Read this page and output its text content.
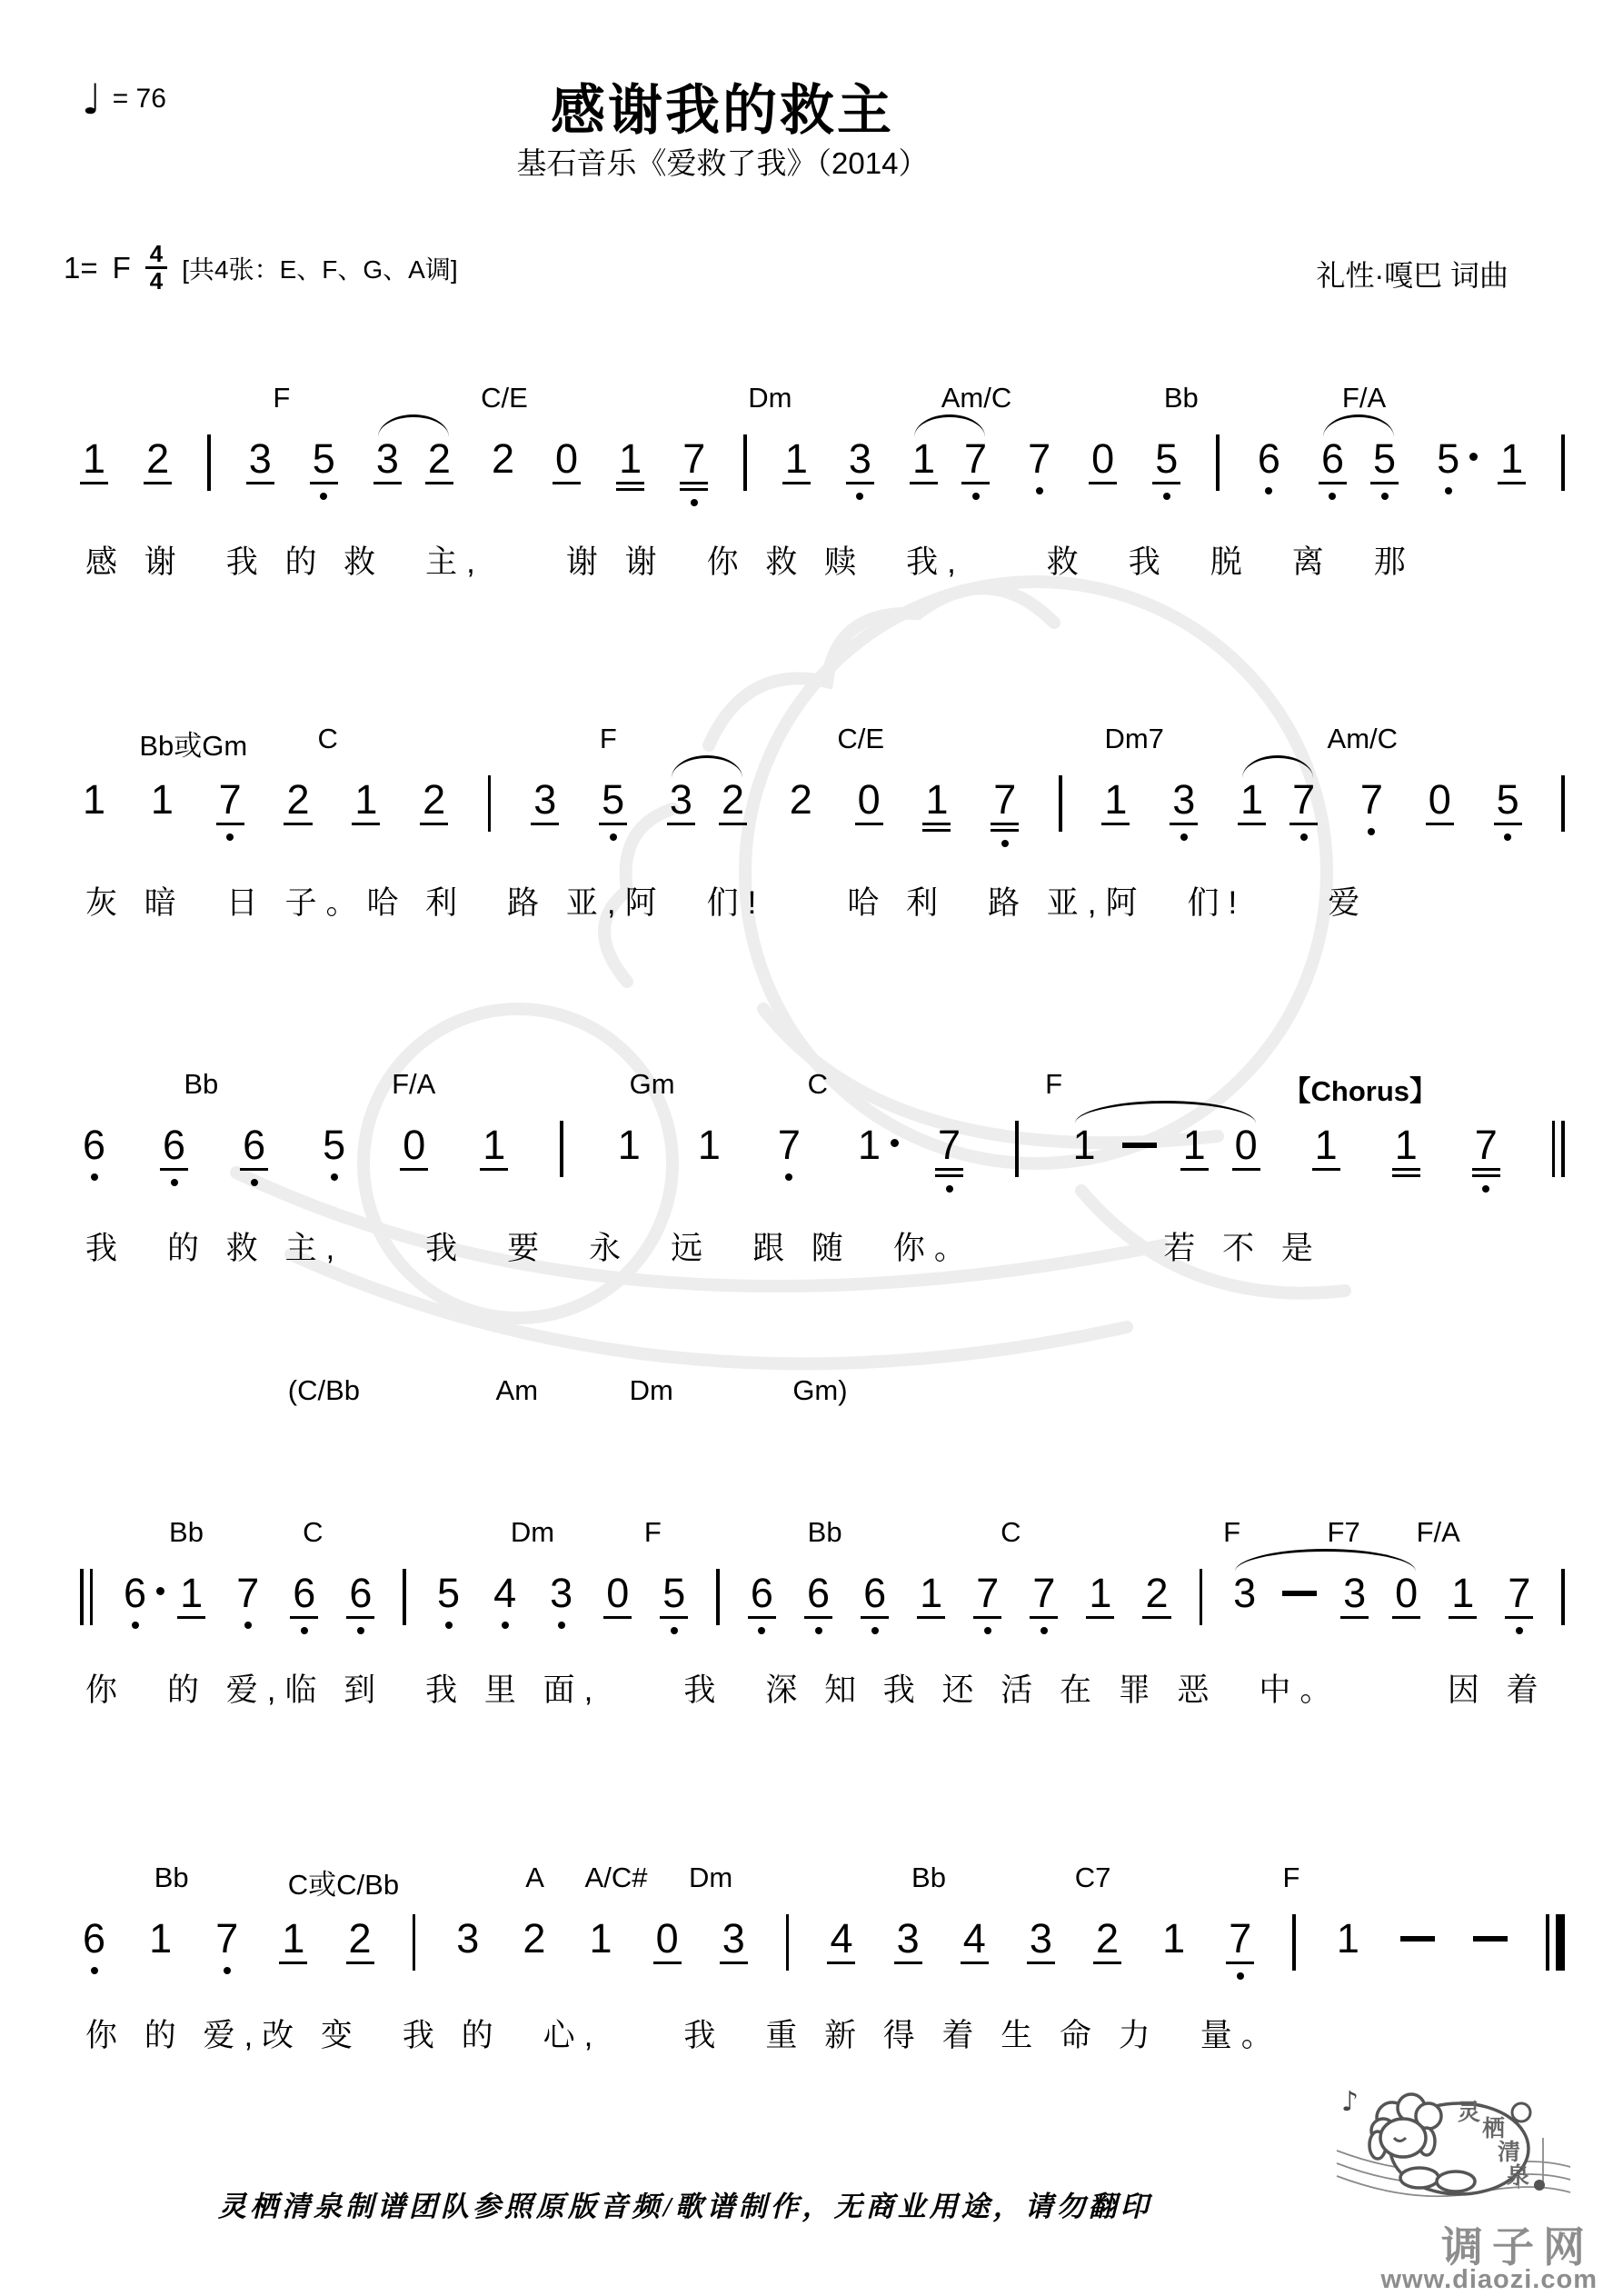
♩ = 76	感谢我的救主
基石音乐《爱救了我》（2014）
1= F $\frac{4}{4}$ [共4张：E、F、G、A调]	礼性·嘎巴 词曲
F	C/E	Dm	Am/C	Bb	F/A
1 2 3 5 3 2 2 0 1 7 1 3 1 7 7 0 5 6 6 5 5 1
感 谢　我 的 救　主,　　谢 谢　你 救 赎　我,　　救　我　脱　离　那
Bb或Gm C	F	C/E	Dm7	Am/C
1 1 7 2 1 2 3 5 3 2 2 0 1 7 1 3 1 7 7 0 5
灰 暗　日 子。哈 利　路 亚,阿　们!　　哈 利　路 亚,阿　们!　　爱
Bb	F/A	Gm	C	F	【Chorus】
6 6 6 5 0 1	1 1 7 1 7	1 1 0 1 1 7
我　的 救 主,　　我　要　永　远　跟 随　你。　　　　　若 不 是
(C/Bb	Am	Dm	Gm)
Bb	C	Dm	F	Bb	C	F	F7 F/A
6 1 7 6 6 5 4 3 0 5 6 6 6 1 7 7 1 2 3 3 0 1 7
你　的 爱,临 到　我 里 面,　　我　深 知 我 还 活 在 罪 恶　中。　　　因 着
Bb	C或C/Bb	A A/C# Dm	Bb	C7	F
6 1 7 1 2 3 2 1 0 3 4 3 4 3 2 1 7 1
你 的 爱,改 变　我 的　心,　　我　重 新 得 着 生 命 力　量。
灵栖清泉制谱团队参照原版音频/歌谱制作，无商业用途，请勿翻印
♪	灵
栖
清
泉
调子网
www.diaozi.com
